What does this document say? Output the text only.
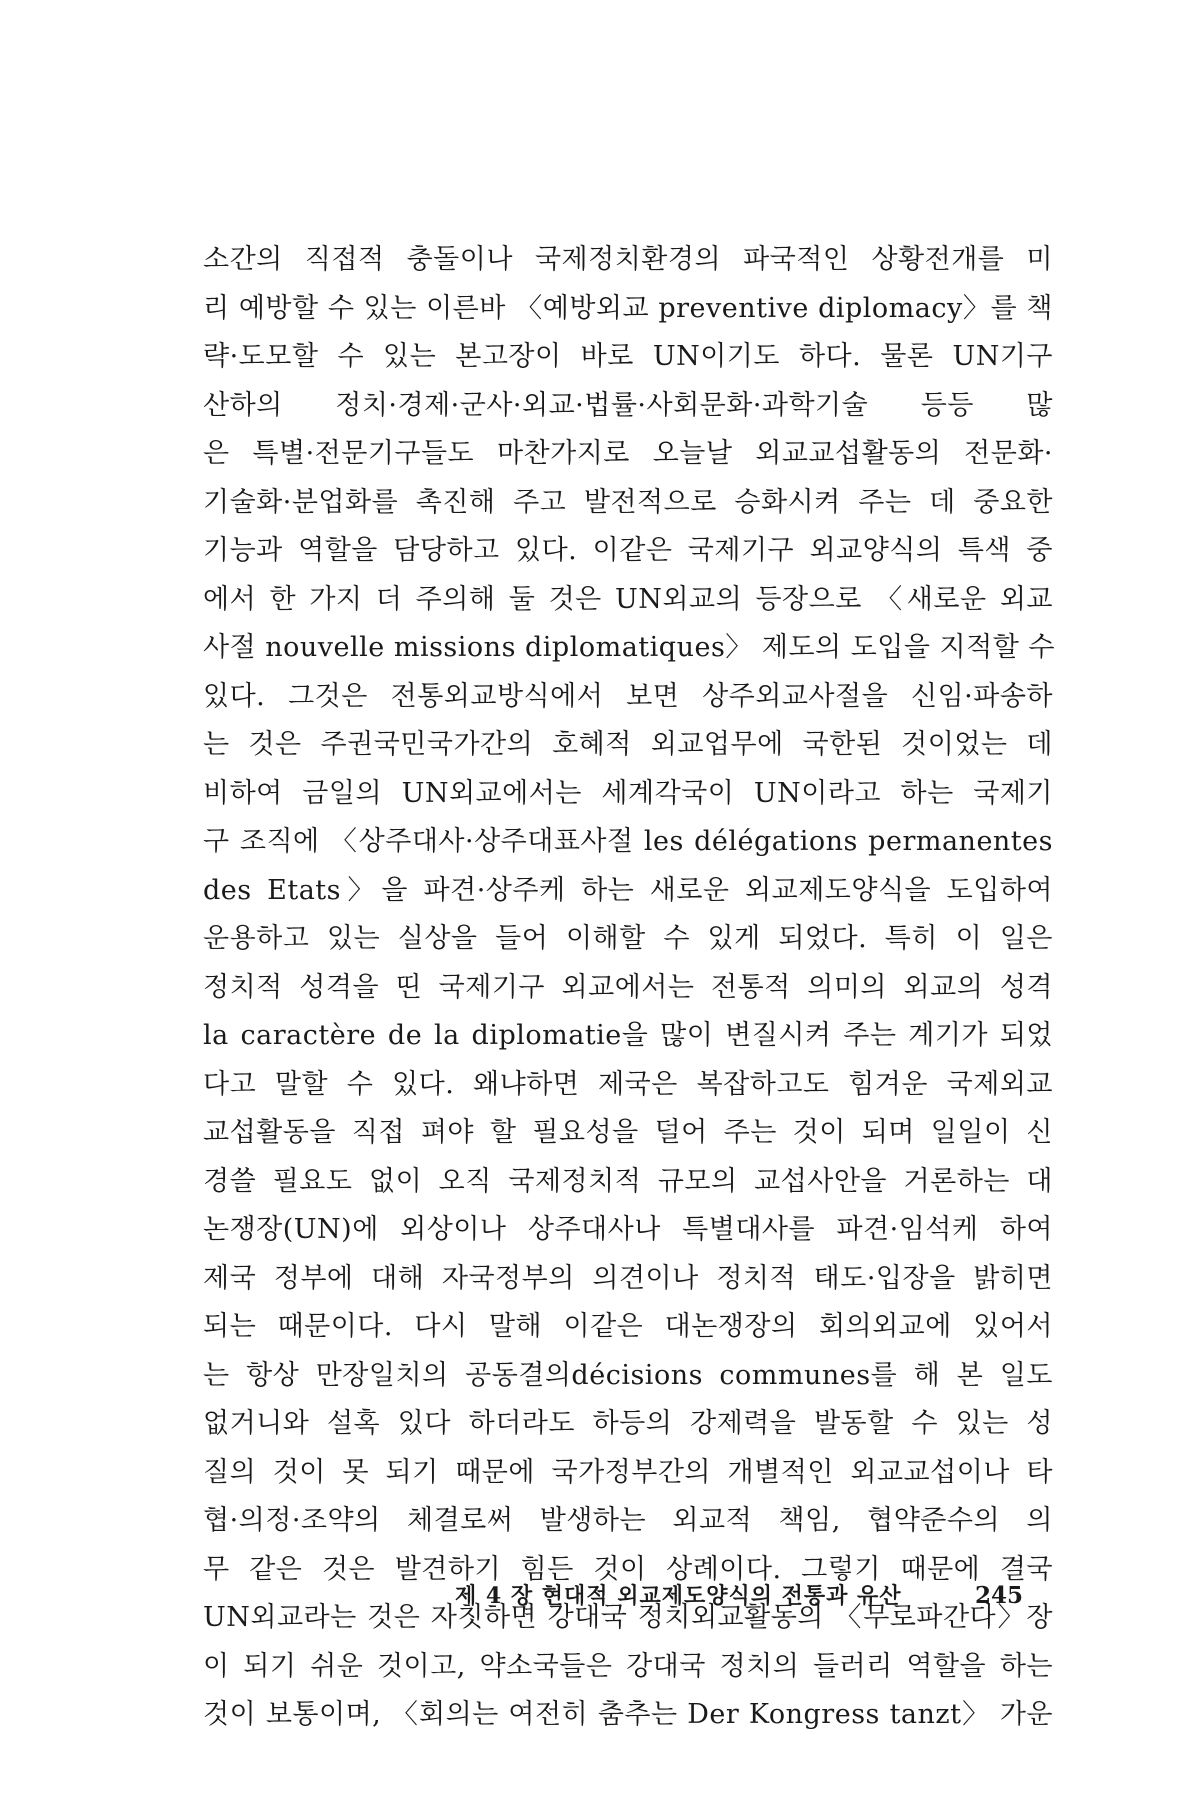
소간의 직접적 충돌이나 국제정치환경의 파국적인 상황전개를 미
리 예방할 수 있는 이른바 〈예방외교 preventive diplomacy〉를 책
략·도모할 수 있는 본고장이 바로 UN이기도 하다. 물론 UN기구
산하의 정치·경제·군사·외교·법률·사회문화·과학기술 등등 많
은 특별·전문기구들도 마찬가지로 오늘날 외교교섭활동의 전문화·
기술화·분업화를 촉진해 주고 발전적으로 승화시켜 주는 데 중요한
기능과 역할을 담당하고 있다. 이같은 국제기구 외교양식의 특색 중
에서 한 가지 더 주의해 둘 것은 UN외교의 등장으로 〈새로운 외교
사절 nouvelle missions diplomatiques〉 제도의 도입을 지적할 수
있다. 그것은 전통외교방식에서 보면 상주외교사절을 신임·파송하
는 것은 주권국민국가간의 호혜적 외교업무에 국한된 것이었는 데
비하여 금일의 UN외교에서는 세계각국이 UN이라고 하는 국제기
구 조직에 〈상주대사·상주대표사절 les délégations permanentes
des Etats〉을 파견·상주케 하는 새로운 외교제도양식을 도입하여
운용하고 있는 실상을 들어 이해할 수 있게 되었다. 특히 이 일은
정치적 성격을 띤 국제기구 외교에서는 전통적 의미의 외교의 성격
la caractère de la diplomatie을 많이 변질시켜 주는 계기가 되었
다고 말할 수 있다. 왜냐하면 제국은 복잡하고도 힘겨운 국제외교
교섭활동을 직접 펴야 할 필요성을 덜어 주는 것이 되며 일일이 신
경쓸 필요도 없이 오직 국제정치적 규모의 교섭사안을 거론하는 대
논쟁장(UN)에 외상이나 상주대사나 특별대사를 파견·임석케 하여
제국 정부에 대해 자국정부의 의견이나 정치적 태도·입장을 밝히면
되는 때문이다. 다시 말해 이같은 대논쟁장의 회의외교에 있어서
는 항상 만장일치의 공동결의décisions communes를 해 본 일도
없거니와 설혹 있다 하더라도 하등의 강제력을 발동할 수 있는 성
질의 것이 못 되기 때문에 국가정부간의 개별적인 외교교섭이나 타
협·의정·조약의 체결로써 발생하는 외교적 책임, 협약준수의 의
무 같은 것은 발견하기 힘든 것이 상례이다. 그렇기 때문에 결국
UN외교라는 것은 자칫하면 강대국 정치외교활동의 〈무로파간다〉장
이 되기 쉬운 것이고, 약소국들은 강대국 정치의 들러리 역할을 하는
것이 보통이며, 〈회의는 여전히 춤추는 Der Kongress tanzt〉 가운
제 4 장 현대적 외교제도양식의 전통과 유산	245
